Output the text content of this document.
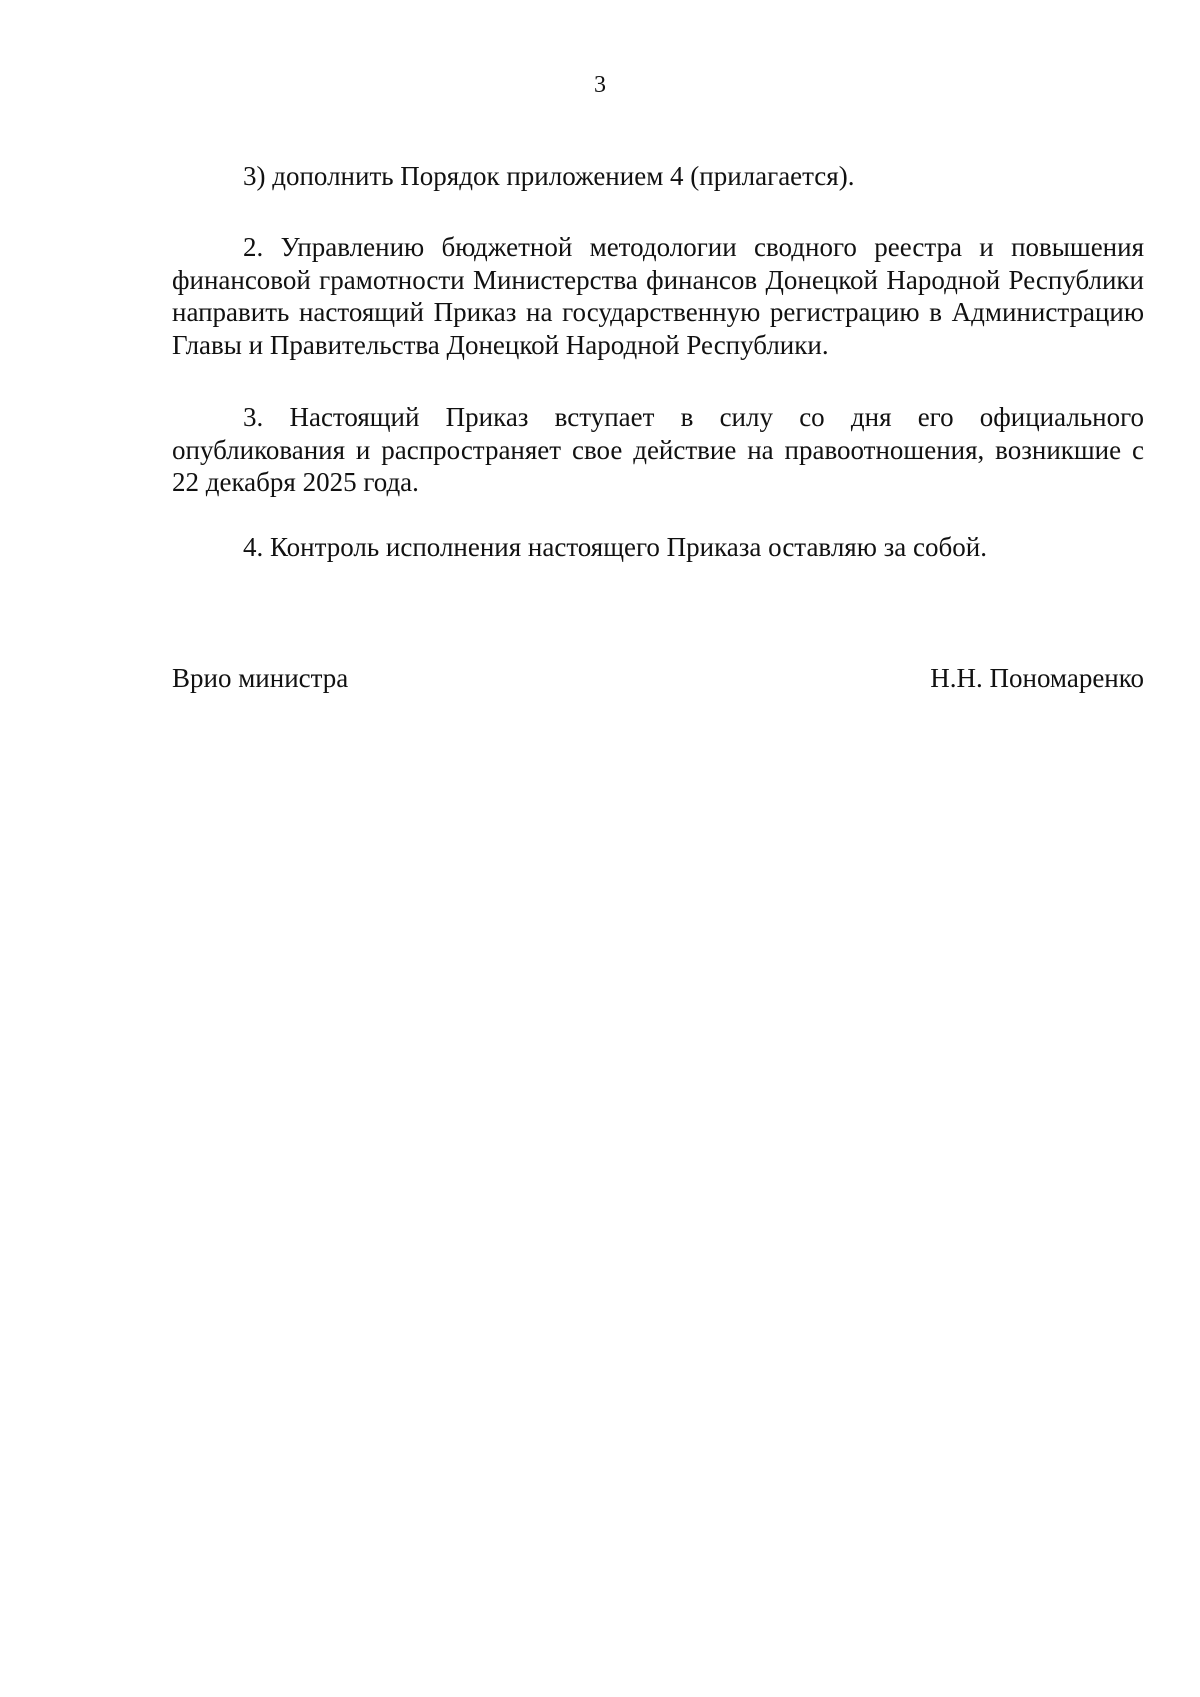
3

3) дополнить Порядок приложением 4 (прилагается).

2. Управлению бюджетной методологии сводного реестра и повышения финансовой грамотности Министерства финансов Донецкой Народной Республики направить настоящий Приказ на государственную регистрацию в Администрацию Главы и Правительства Донецкой Народной Республики.

3. Настоящий Приказ вступает в силу со дня его официального опубликования и распространяет свое действие на правоотношения, возникшие с 22 декабря 2025 года.

4. Контроль исполнения настоящего Приказа оставляю за собой.

Врио министра	Н.Н. Пономаренко
